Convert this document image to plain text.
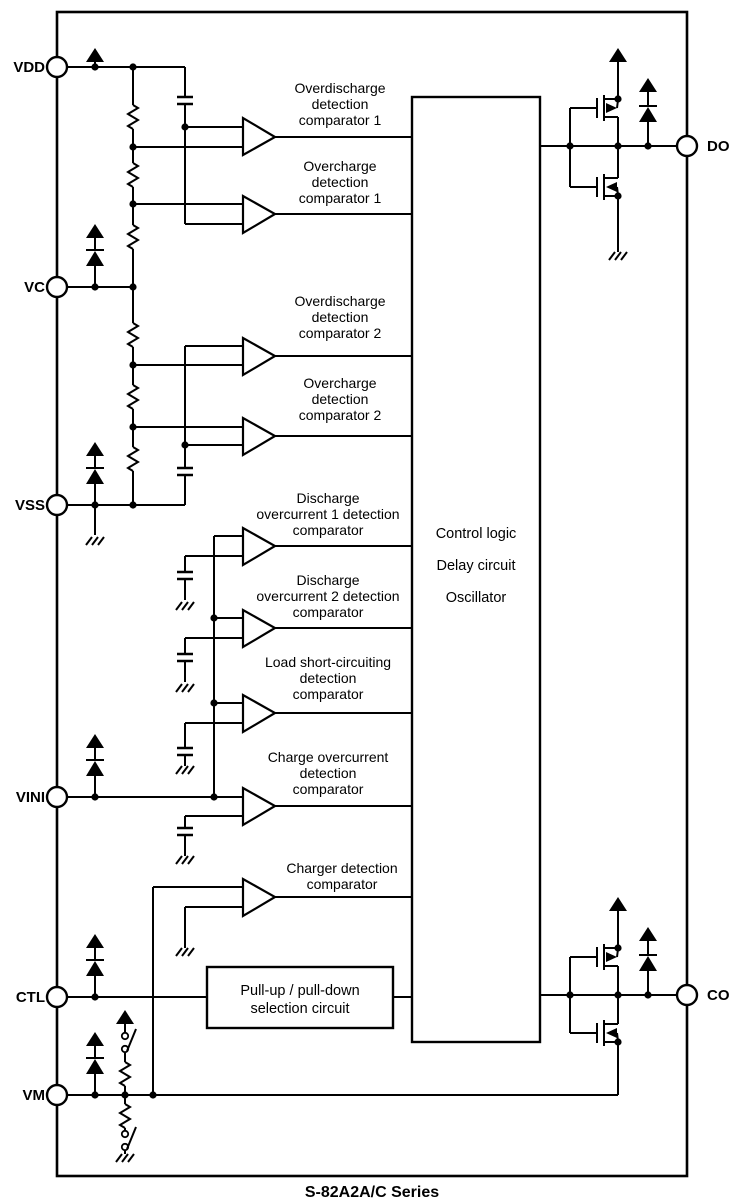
Overdischarge
detection
comparator 1
Overcharge
detection
comparator 1
Overdischarge
detection
comparator 2
Overcharge
detection
comparator 2
Discharge
overcurrent 1 detection
comparator
Discharge
overcurrent 2 detection
comparator
Load short-circuiting
detection
comparator
Charge overcurrent
detection
comparator
Charger detection
comparator
Control logic
Delay circuit
Oscillator
Pull-up / pull-down
selection circuit
VDD
VC
VSS
VINI
CTL
VM
DO
CO
S-82A2A/C Series
